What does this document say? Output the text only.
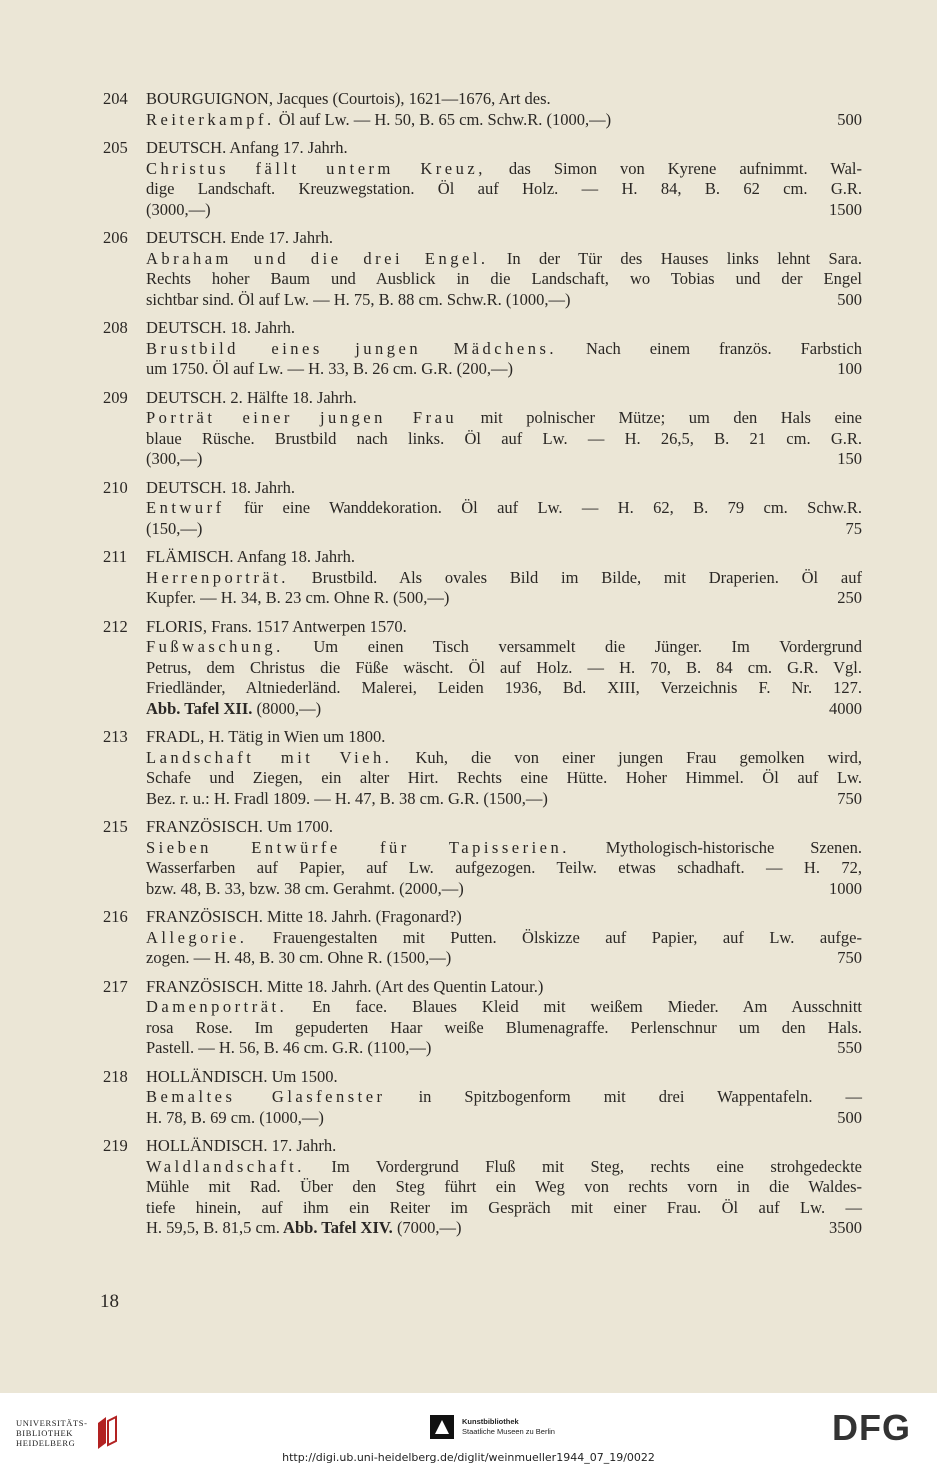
204	BOURGUIGNON, Jacques (Courtois), 1621—1676, Art des.
Reiterkampf. Öl auf Lw. — H. 50, B. 65 cm. Schw.R. (1000,—)	500
205	DEUTSCH. Anfang 17. Jahrh.
Christus fällt unterm Kreuz, das Simon von Kyrene aufnimmt. Wal-
dige Landschaft. Kreuzwegstation. Öl auf Holz. — H. 84, B. 62 cm. G.R.
(3000,—)	1500
206	DEUTSCH. Ende 17. Jahrh.
Abraham und die drei Engel. In der Tür des Hauses links lehnt Sara.
Rechts hoher Baum und Ausblick in die Landschaft, wo Tobias und der Engel
sichtbar sind. Öl auf Lw. — H. 75, B. 88 cm. Schw.R. (1000,—)	500
208	DEUTSCH. 18. Jahrh.
Brustbild eines jungen Mädchens. Nach einem französ. Farbstich
um 1750. Öl auf Lw. — H. 33, B. 26 cm. G.R. (200,—)	100
209	DEUTSCH. 2. Hälfte 18. Jahrh.
Porträt einer jungen Frau mit polnischer Mütze; um den Hals eine
blaue Rüsche. Brustbild nach links. Öl auf Lw. — H. 26,5, B. 21 cm. G.R.
(300,—)	150
210	DEUTSCH. 18. Jahrh.
Entwurf für eine Wanddekoration. Öl auf Lw. — H. 62, B. 79 cm. Schw.R.
(150,—)	75
211	FLÄMISCH. Anfang 18. Jahrh.
Herrenporträt. Brustbild. Als ovales Bild im Bilde, mit Draperien. Öl auf
Kupfer. — H. 34, B. 23 cm. Ohne R. (500,—)	250
212	FLORIS, Frans. 1517 Antwerpen 1570.
Fußwaschung. Um einen Tisch versammelt die Jünger. Im Vordergrund
Petrus, dem Christus die Füße wäscht. Öl auf Holz. — H. 70, B. 84 cm. G.R. Vgl.
Friedländer, Altniederländ. Malerei, Leiden 1936, Bd. XIII, Verzeichnis F. Nr. 127.
Abb. Tafel XII. (8000,—)	4000
213	FRADL, H. Tätig in Wien um 1800.
Landschaft mit Vieh. Kuh, die von einer jungen Frau gemolken wird,
Schafe und Ziegen, ein alter Hirt. Rechts eine Hütte. Hoher Himmel. Öl auf Lw.
Bez. r. u.: H. Fradl 1809. — H. 47, B. 38 cm. G.R. (1500,—)	750
215	FRANZÖSISCH. Um 1700.
Sieben Entwürfe für Tapisserien. Mythologisch-historische Szenen.
Wasserfarben auf Papier, auf Lw. aufgezogen. Teilw. etwas schadhaft. — H. 72,
bzw. 48, B. 33, bzw. 38 cm. Gerahmt. (2000,—)	1000
216	FRANZÖSISCH. Mitte 18. Jahrh. (Fragonard?)
Allegorie. Frauengestalten mit Putten. Ölskizze auf Papier, auf Lw. aufge-
zogen. — H. 48, B. 30 cm. Ohne R. (1500,—)	750
217	FRANZÖSISCH. Mitte 18. Jahrh. (Art des Quentin Latour.)
Damenporträt. En face. Blaues Kleid mit weißem Mieder. Am Ausschnitt
rosa Rose. Im gepuderten Haar weiße Blumenagraffe. Perlenschnur um den Hals.
Pastell. — H. 56, B. 46 cm. G.R. (1100,—)	550
218	HOLLÄNDISCH. Um 1500.
Bemaltes Glasfenster in Spitzbogenform mit drei Wappentafeln. —
H. 78, B. 69 cm. (1000,—)	500
219	HOLLÄNDISCH. 17. Jahrh.
Waldlandschaft. Im Vordergrund Fluß mit Steg, rechts eine strohgedeckte
Mühle mit Rad. Über den Steg führt ein Weg von rechts vorn in die Waldes-
tiefe hinein, auf ihm ein Reiter im Gespräch mit einer Frau. Öl auf Lw. —
H. 59,5, B. 81,5 cm. Abb. Tafel XIV. (7000,—)	3500
18
UNIVERSITÄTS-
BIBLIOTHEK
HEIDELBERG
Kunstbibliothek
Staatliche Museen zu Berlin	DFG
http://digi.ub.uni-heidelberg.de/diglit/weinmueller1944_07_19/0022
